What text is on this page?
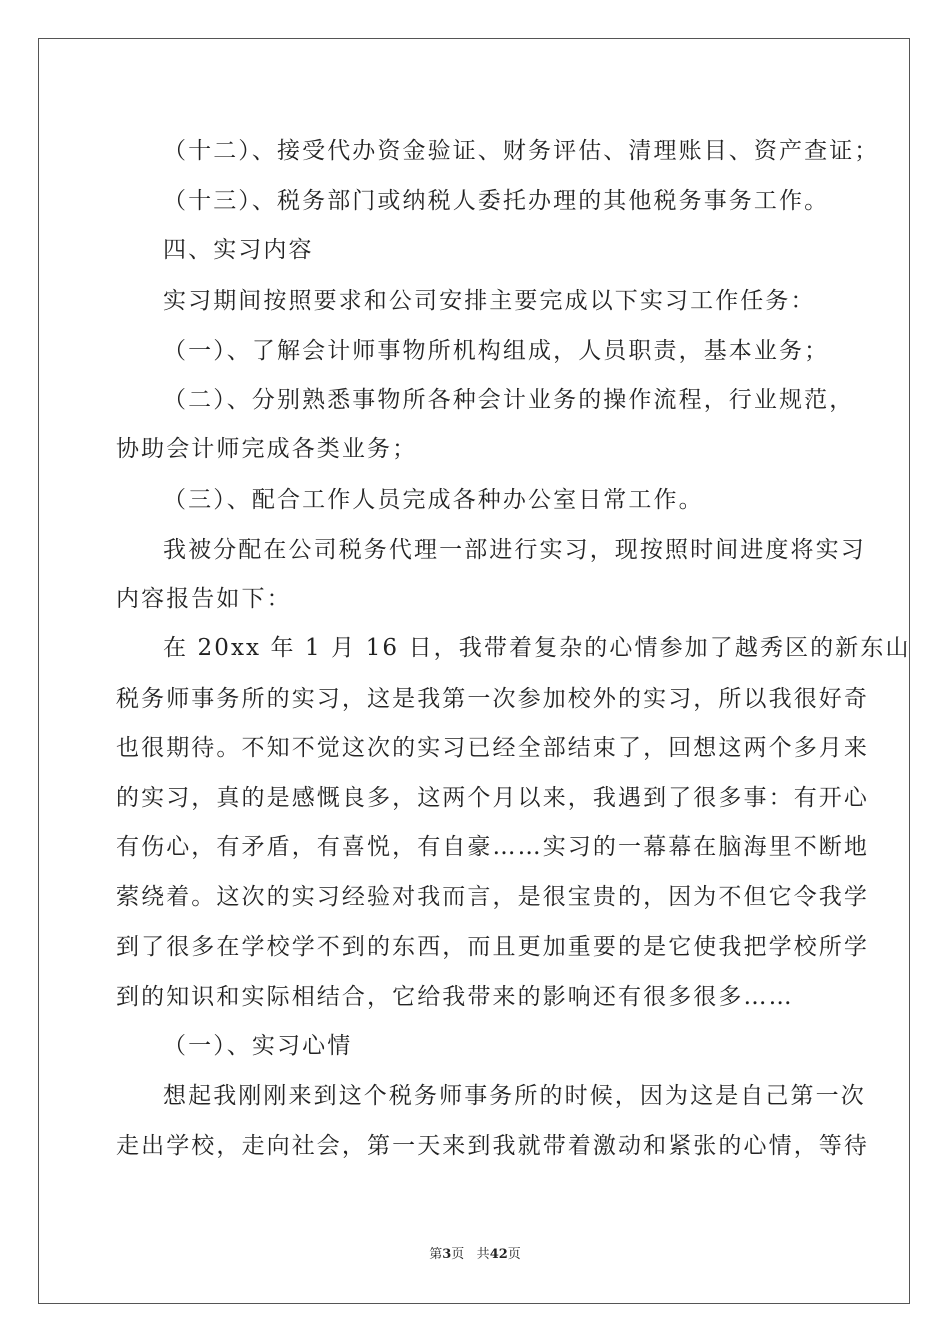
（十二）、接受代办资金验证、财务评估、清理账目、资产查证；
（十三）、税务部门或纳税人委托办理的其他税务事务工作。
四、实习内容
实习期间按照要求和公司安排主要完成以下实习工作任务：
（一）、了解会计师事物所机构组成，人员职责，基本业务；
（二）、分别熟悉事物所各种会计业务的操作流程，行业规范，
协助会计师完成各类业务；
（三）、配合工作人员完成各种办公室日常工作。
我被分配在公司税务代理一部进行实习，现按照时间进度将实习
内容报告如下：
在 20xx 年 1 月 16 日，我带着复杂的心情参加了越秀区的新东山
税务师事务所的实习，这是我第一次参加校外的实习，所以我很好奇
也很期待。不知不觉这次的实习已经全部结束了，回想这两个多月来
的实习，真的是感慨良多，这两个月以来，我遇到了很多事：有开心
有伤心，有矛盾，有喜悦，有自豪……实习的一幕幕在脑海里不断地
萦绕着。这次的实习经验对我而言，是很宝贵的，因为不但它令我学
到了很多在学校学不到的东西，而且更加重要的是它使我把学校所学
到的知识和实际相结合，它给我带来的影响还有很多很多……
（一）、实习心情
想起我刚刚来到这个税务师事务所的时候，因为这是自己第一次
走出学校，走向社会，第一天来到我就带着激动和紧张的心情，等待
第3页 共42页
